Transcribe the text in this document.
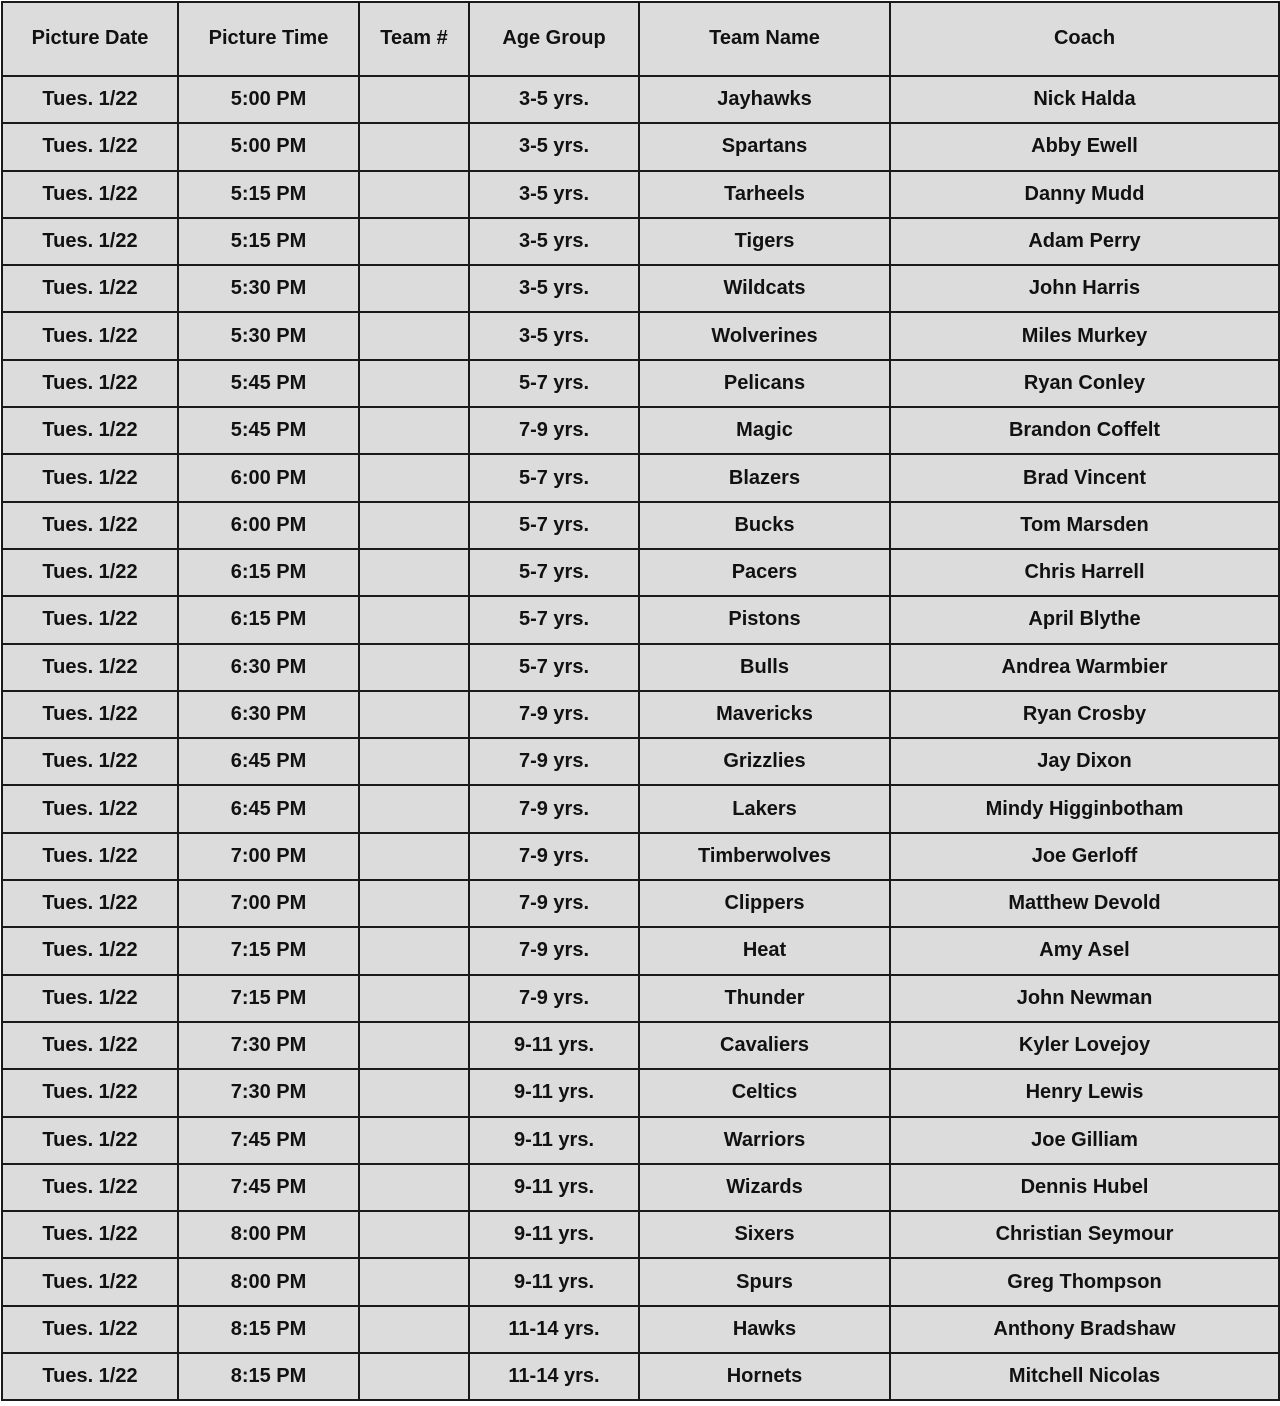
Picture Date	Picture Time	Team #	Age Group	Team Name	Coach
Tues. 1/22	5:00 PM		3-5 yrs.	Jayhawks	Nick Halda
Tues. 1/22	5:00 PM		3-5 yrs.	Spartans	Abby Ewell
Tues. 1/22	5:15 PM		3-5 yrs.	Tarheels	Danny Mudd
Tues. 1/22	5:15 PM		3-5 yrs.	Tigers	Adam Perry
Tues. 1/22	5:30 PM		3-5 yrs.	Wildcats	John Harris
Tues. 1/22	5:30 PM		3-5 yrs.	Wolverines	Miles Murkey
Tues. 1/22	5:45 PM		5-7 yrs.	Pelicans	Ryan Conley
Tues. 1/22	5:45 PM		7-9 yrs.	Magic	Brandon Coffelt
Tues. 1/22	6:00 PM		5-7 yrs.	Blazers	Brad Vincent
Tues. 1/22	6:00 PM		5-7 yrs.	Bucks	Tom Marsden
Tues. 1/22	6:15 PM		5-7 yrs.	Pacers	Chris Harrell
Tues. 1/22	6:15 PM		5-7 yrs.	Pistons	April Blythe
Tues. 1/22	6:30 PM		5-7 yrs.	Bulls	Andrea Warmbier
Tues. 1/22	6:30 PM		7-9 yrs.	Mavericks	Ryan Crosby
Tues. 1/22	6:45 PM		7-9 yrs.	Grizzlies	Jay Dixon
Tues. 1/22	6:45 PM		7-9 yrs.	Lakers	Mindy Higginbotham
Tues. 1/22	7:00 PM		7-9 yrs.	Timberwolves	Joe Gerloff
Tues. 1/22	7:00 PM		7-9 yrs.	Clippers	Matthew Devold
Tues. 1/22	7:15 PM		7-9 yrs.	Heat	Amy Asel
Tues. 1/22	7:15 PM		7-9 yrs.	Thunder	John Newman
Tues. 1/22	7:30 PM		9-11 yrs.	Cavaliers	Kyler Lovejoy
Tues. 1/22	7:30 PM		9-11 yrs.	Celtics	Henry Lewis
Tues. 1/22	7:45 PM		9-11 yrs.	Warriors	Joe Gilliam
Tues. 1/22	7:45 PM		9-11 yrs.	Wizards	Dennis Hubel
Tues. 1/22	8:00 PM		9-11 yrs.	Sixers	Christian Seymour
Tues. 1/22	8:00 PM		9-11 yrs.	Spurs	Greg Thompson
Tues. 1/22	8:15 PM		11-14 yrs.	Hawks	Anthony Bradshaw
Tues. 1/22	8:15 PM		11-14 yrs.	Hornets	Mitchell Nicolas
